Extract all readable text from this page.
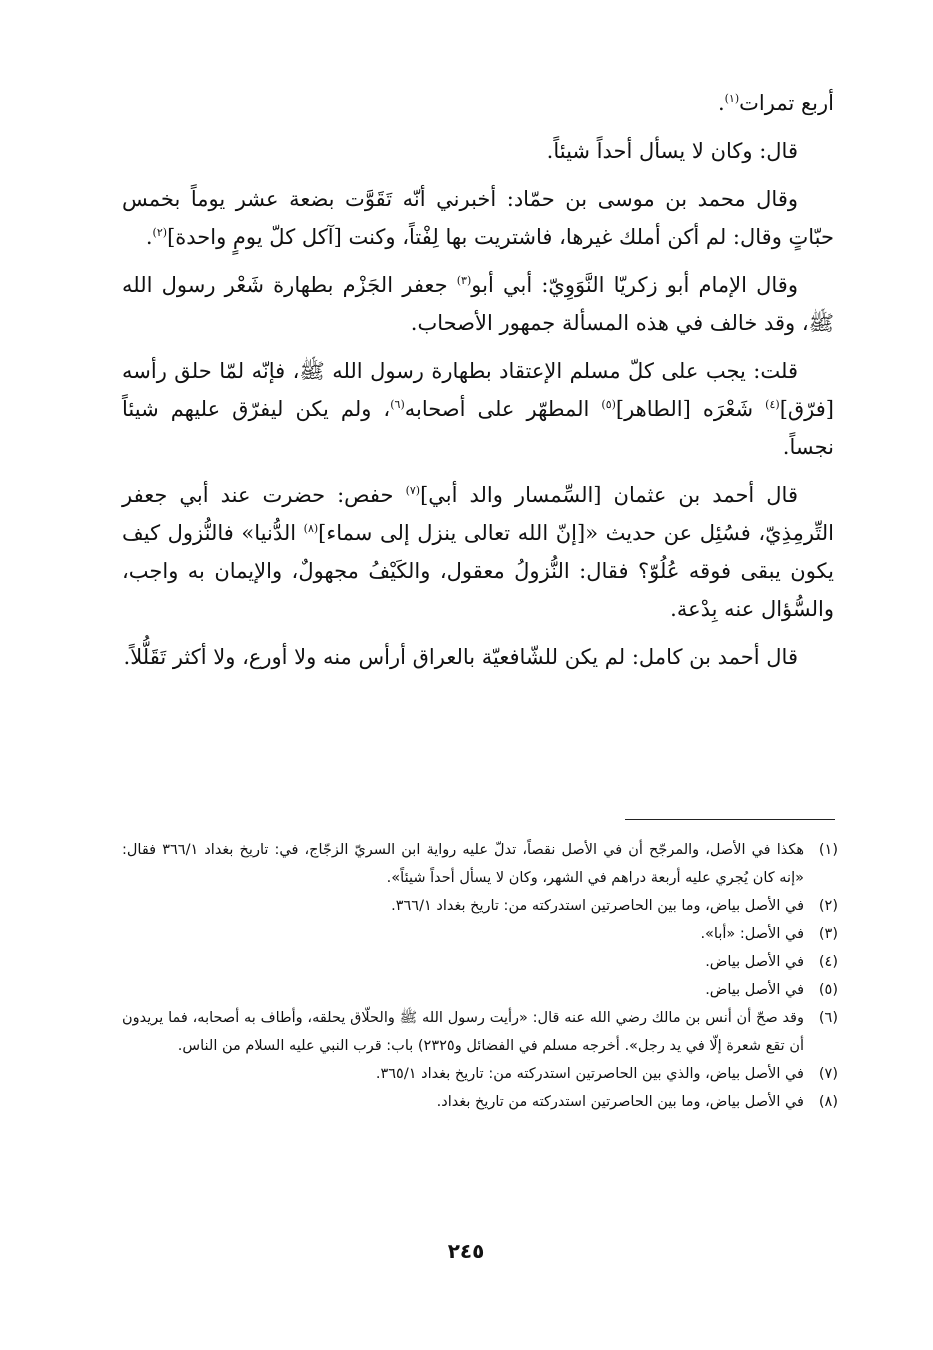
أربع تمرات$^{(١)}$.

قال: وكان لا يسأل أحداً شيئاً.

وقال محمد بن موسى بن حمّاد: أخبرني أنّه تَقَوَّت بضعة عشر يوماً بخمس حبّاتٍ وقال: لم أكن أملك غيرها، فاشتريت بها لِفْتاً، وكنت [آكل كلّ يومٍ واحدة]$^{(٢)}$.

وقال الإمام أبو زكريّا النَّوَوِيّ: أبي أبو$^{(٣)}$ جعفر الجَزْم بطهارة شَعْر رسول الله ﷺ، وقد خالف في هذه المسألة جمهور الأصحاب.

قلت: يجب على كلّ مسلم الإعتقاد بطهارة رسول الله ﷺ، فإنّه لمّا حلق رأسه [فرّق]$^{(٤)}$ شَعْرَه [الطاهر]$^{(٥)}$ المطهّر على أصحابه$^{(٦)}$، ولم يكن ليفرّق عليهم شيئاً نجساً.

قال أحمد بن عثمان [السِّمسار والد أبي]$^{(٧)}$ حفص: حضرت عند أبي جعفر التِّرمِذِيّ، فسُئِل عن حديث «[إنّ الله تعالى ينزل إلى سماء]$^{(٨)}$ الدُّنيا» فالنُّزول كيف يكون يبقى فوقه عُلُوّ؟ فقال: النُّزولُ معقول، والكَيْفُ مجهولٌ، والإيمان به واجب، والسُّؤال عنه بِدْعة.

قال أحمد بن كامل: لم يكن للشّافعيّة بالعراق أرأس منه ولا أورع، ولا أكثر تَقَلُّلاً.

(١)
هكذا في الأصل، والمرجّح أن في الأصل نقصاً، تدلّ عليه رواية ابن السريّ الزجّاج، في: تاريخ بغداد ٣٦٦/١ فقال: «إنه كان يُجري عليه أربعة دراهم في الشهر، وكان لا يسأل أحداً شيئاً».
(٢)
في الأصل بياض، وما بين الحاصرتين استدركته من: تاريخ بغداد ٣٦٦/١.
(٣)
في الأصل: «أبا».
(٤)
في الأصل بياض.
(٥)
في الأصل بياض.
(٦)
وقد صحّ أن أنس بن مالك رضي الله عنه قال: «رأيت رسول الله ﷺ والحلّاق يحلقه، وأطاف به أصحابه، فما يريدون أن تقع شعرة إلّا في يد رجل». أخرجه مسلم في الفضائل و٢٣٢٥) باب: قرب النبي عليه السلام من الناس.
(٧)
في الأصل بياض، والذي بين الحاصرتين استدركته من: تاريخ بغداد ٣٦٥/١.
(٨)
في الأصل بياض، وما بين الحاصرتين استدركته من تاريخ بغداد.
٢٤٥
